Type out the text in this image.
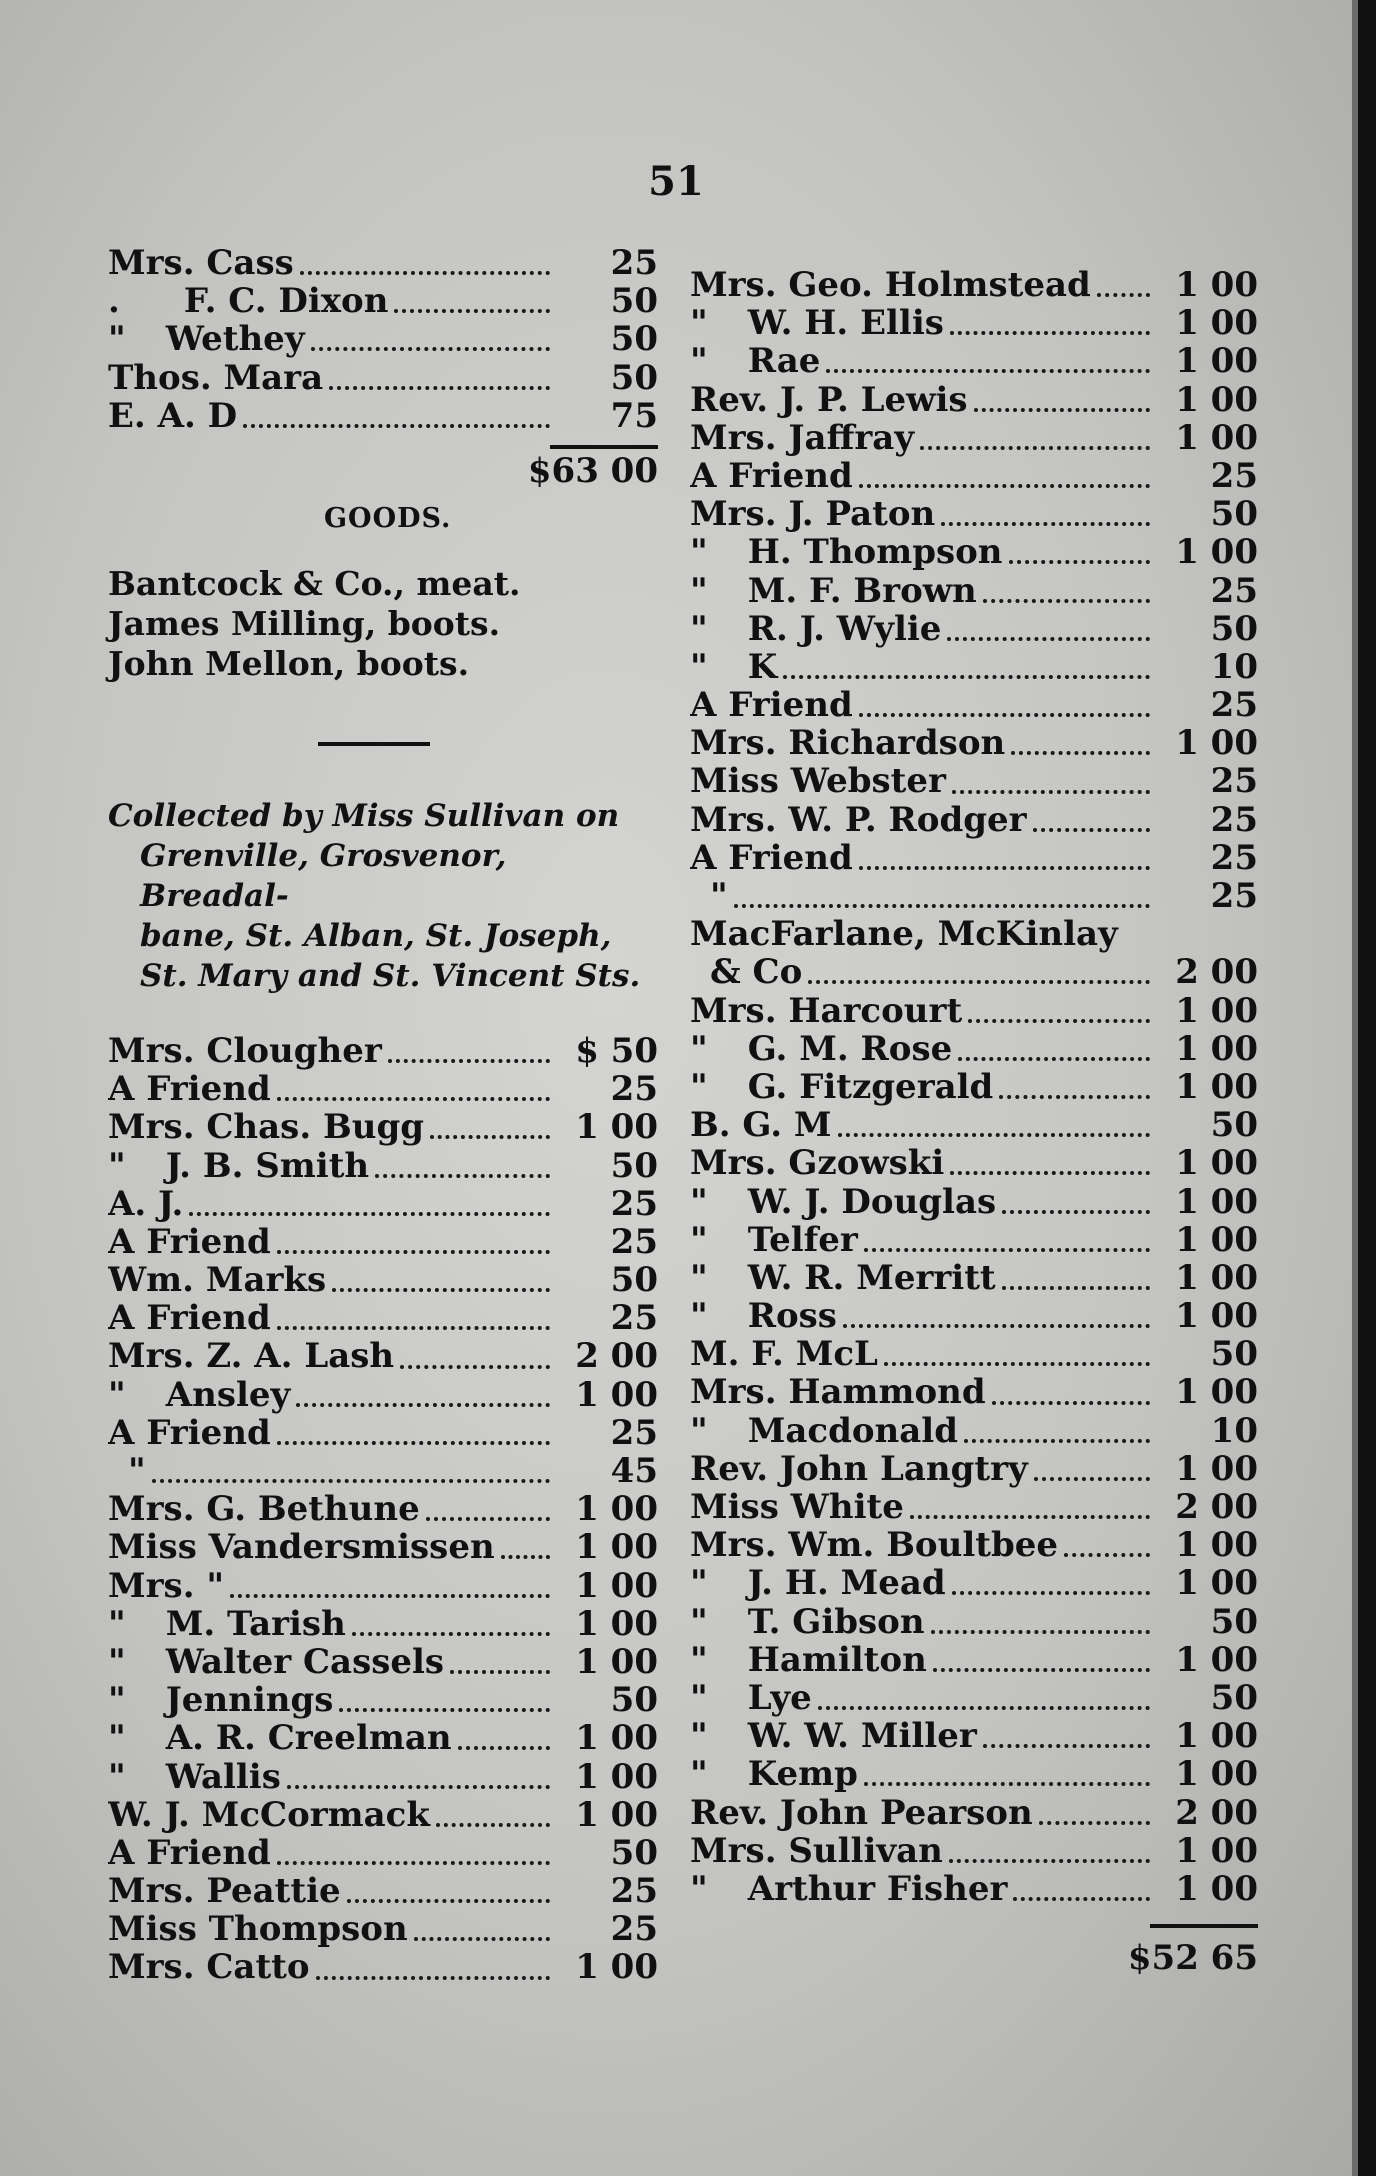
51
Mrs. Cass	25
.	F. C. Dixon	50
"	Wethey	50
Thos. Mara	50
E. A. D	75
$63 00
GOODS.
Bantcock & Co., meat.
James Milling, boots.
John Mellon, boots.
Collected by Miss Sullivan on
Grenville, Grosvenor, Breadal-
bane, St. Alban, St. Joseph,
St. Mary and St. Vincent Sts.
Mrs. Clougher	$ 50
A Friend	25
Mrs. Chas. Bugg	1 00
"	J. B. Smith	50
A. J.	25
A Friend	25
Wm. Marks	50
A Friend	25
Mrs. Z. A. Lash	2 00
"	Ansley	1 00
A Friend	25
"	45
Mrs. G. Bethune	1 00
Miss Vandersmissen	1 00
Mrs. "	1 00
"	M. Tarish	1 00
"	Walter Cassels	1 00
"	Jennings	50
"	A. R. Creelman	1 00
"	Wallis	1 00
W. J. McCormack	1 00
A Friend	50
Mrs. Peattie	25
Miss Thompson	25
Mrs. Catto	1 00
Mrs. Geo. Holmstead	1 00
"	W. H. Ellis	1 00
"	Rae	1 00
Rev. J. P. Lewis	1 00
Mrs. Jaffray	1 00
A Friend	25
Mrs. J. Paton	50
"	H. Thompson	1 00
"	M. F. Brown	25
"	R. J. Wylie	50
"	K	10
A Friend	25
Mrs. Richardson	1 00
Miss Webster	25
Mrs. W. P. Rodger	25
A Friend	25
"	25
MacFarlane, McKinlay
& Co	2 00
Mrs. Harcourt	1 00
"	G. M. Rose	1 00
"	G. Fitzgerald	1 00
B. G. M	50
Mrs. Gzowski	1 00
"	W. J. Douglas	1 00
"	Telfer	1 00
"	W. R. Merritt	1 00
"	Ross	1 00
M. F. McL	50
Mrs. Hammond	1 00
"	Macdonald	10
Rev. John Langtry	1 00
Miss White	2 00
Mrs. Wm. Boultbee	1 00
"	J. H. Mead	1 00
"	T. Gibson	50
"	Hamilton	1 00
"	Lye	50
"	W. W. Miller	1 00
"	Kemp	1 00
Rev. John Pearson	2 00
Mrs. Sullivan	1 00
"	Arthur Fisher	1 00
$52 65
